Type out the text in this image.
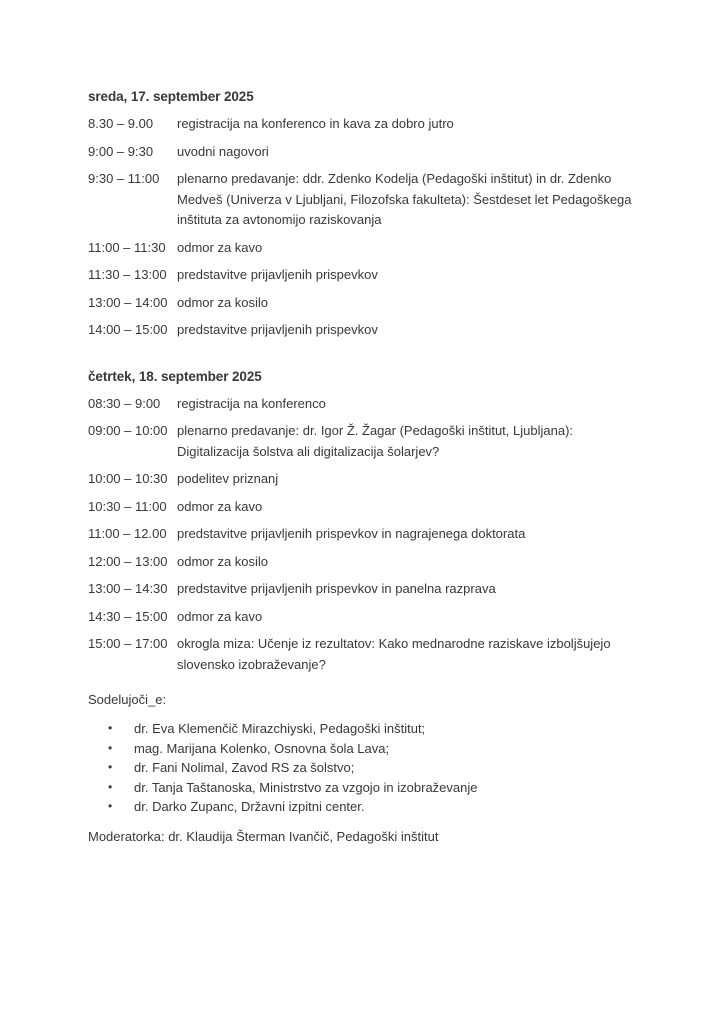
sreda, 17. september 2025
8.30 – 9.00	registracija na konferenco in kava za dobro jutro
9:00 – 9:30	uvodni nagovori
9:30 – 11:00	plenarno predavanje: ddr. Zdenko Kodelja (Pedagoški inštitut) in dr. Zdenko Medveš (Univerza v Ljubljani, Filozofska fakulteta): Šestdeset let Pedagoškega inštituta za avtonomijo raziskovanja
11:00 – 11:30 odmor za kavo
11:30 – 13:00 predstavitve prijavljenih prispevkov
13:00 – 14:00 odmor za kosilo
14:00 – 15:00 predstavitve prijavljenih prispevkov
četrtek, 18. september 2025
08:30 – 9:00	registracija na konferenco
09:00 – 10:00 plenarno predavanje: dr. Igor Ž. Žagar (Pedagoški inštitut, Ljubljana): Digitalizacija šolstva ali digitalizacija šolarjev?
10:00 – 10:30 podelitev priznanj
10:30 – 11:00 odmor za kavo
11:00 – 12.00 predstavitve prijavljenih prispevkov in nagrajenega doktorata
12:00 – 13:00 odmor za kosilo
13:00 – 14:30 predstavitve prijavljenih prispevkov in panelna razprava
14:30 – 15:00 odmor za kavo
15:00 – 17:00 okrogla miza: Učenje iz rezultatov: Kako mednarodne raziskave izboljšujejo slovensko izobraževanje?

Sodelujoči_e:

•	dr. Eva Klemenčič Mirazchiyski, Pedagoški inštitut;
•	mag. Marijana Kolenko, Osnovna šola Lava;
•	dr. Fani Nolimal, Zavod RS za šolstvo;
•	dr. Tanja Taštanoska, Ministrstvo za vzgojo in izobraževanje
•	dr. Darko Zupanc, Državni izpitni center.

Moderatorka: dr. Klaudija Šterman Ivančič, Pedagoški inštitut
